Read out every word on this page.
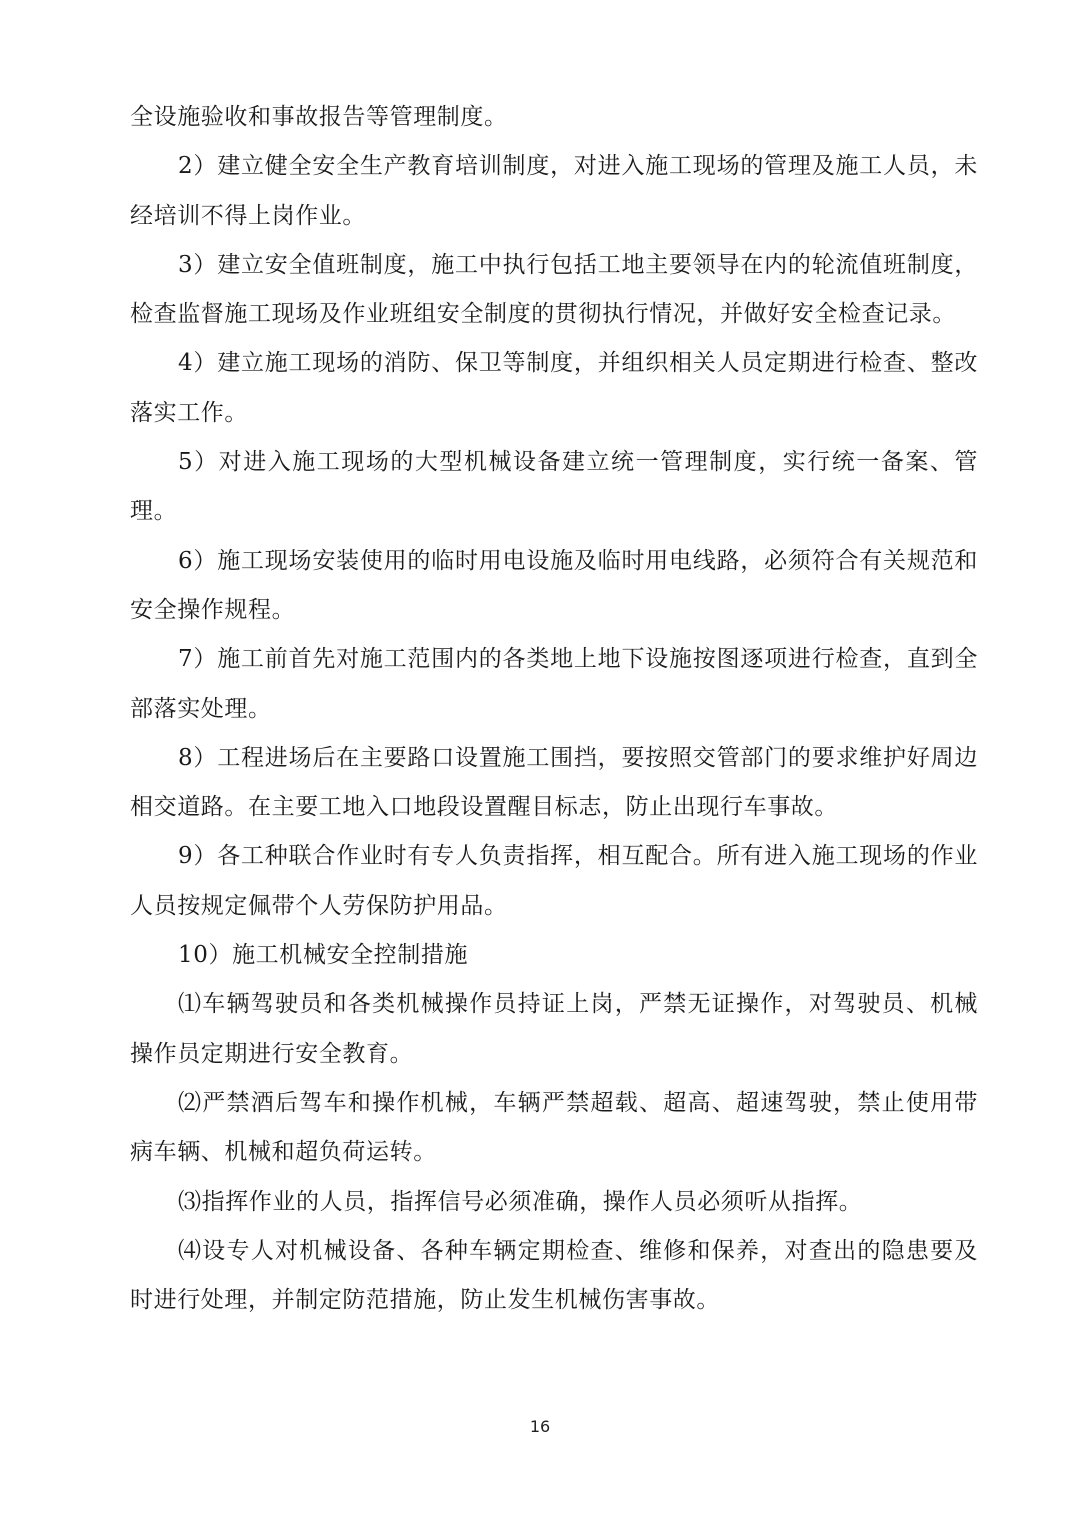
全设施验收和事故报告等管理制度。

2）建立健全安全生产教育培训制度，对进入施工现场的管理及施工人员，未经培训不得上岗作业。

3）建立安全值班制度，施工中执行包括工地主要领导在内的轮流值班制度，检查监督施工现场及作业班组安全制度的贯彻执行情况，并做好安全检查记录。

4）建立施工现场的消防、保卫等制度，并组织相关人员定期进行检查、整改落实工作。

5）对进入施工现场的大型机械设备建立统一管理制度，实行统一备案、管理。

6）施工现场安装使用的临时用电设施及临时用电线路，必须符合有关规范和安全操作规程。

7）施工前首先对施工范围内的各类地上地下设施按图逐项进行检查，直到全部落实处理。

8）工程进场后在主要路口设置施工围挡，要按照交管部门的要求维护好周边相交道路。在主要工地入口地段设置醒目标志，防止出现行车事故。

9）各工种联合作业时有专人负责指挥，相互配合。所有进入施工现场的作业人员按规定佩带个人劳保防护用品。

10）施工机械安全控制措施

⑴车辆驾驶员和各类机械操作员持证上岗，严禁无证操作，对驾驶员、机械操作员定期进行安全教育。

⑵严禁酒后驾车和操作机械，车辆严禁超载、超高、超速驾驶，禁止使用带病车辆、机械和超负荷运转。

⑶指挥作业的人员，指挥信号必须准确，操作人员必须听从指挥。

⑷设专人对机械设备、各种车辆定期检查、维修和保养，对查出的隐患要及时进行处理，并制定防范措施，防止发生机械伤害事故。

16
